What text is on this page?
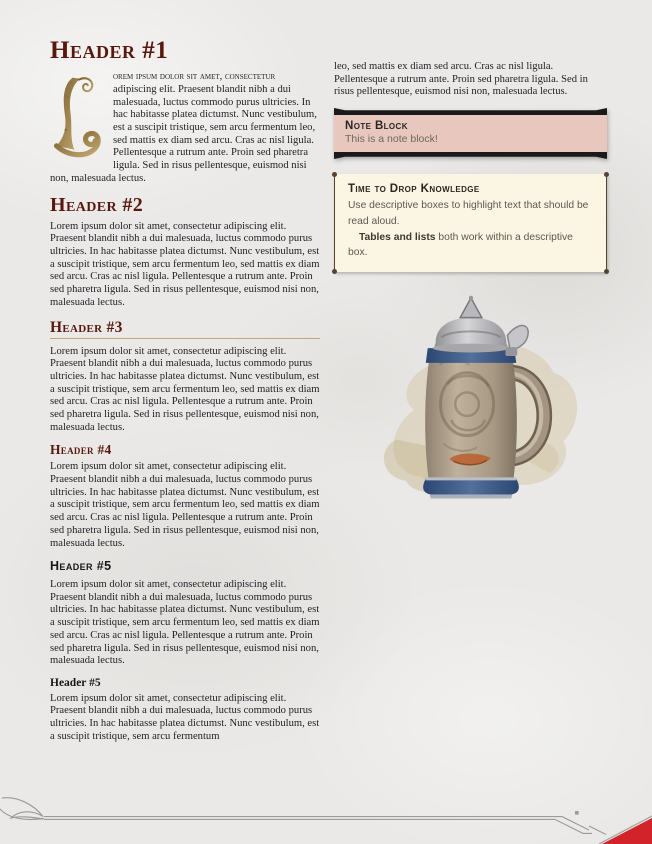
Header #1

orem ipsum dolor sit amet, consectetur adipiscing elit. Praesent blandit nibh a dui malesuada, luctus commodo purus ultricies. In hac habitasse platea dictumst. Nunc vestibulum, est a suscipit tristique, sem arcu fermentum leo, sed mattis ex diam sed arcu. Cras ac nisl ligula. Pellentesque a rutrum ante. Proin sed pharetra ligula. Sed in risus pellentesque, euismod nisi non, malesuada lectus.

Header #2

Lorem ipsum dolor sit amet, consectetur adipiscing elit. Praesent blandit nibh a dui malesuada, luctus commodo purus ultricies. In hac habitasse platea dictumst. Nunc vestibulum, est a suscipit tristique, sem arcu fermentum leo, sed mattis ex diam sed arcu. Cras ac nisl ligula. Pellentesque a rutrum ante. Proin sed pharetra ligula. Sed in risus pellentesque, euismod nisi non, malesuada lectus.

Header #3

Lorem ipsum dolor sit amet, consectetur adipiscing elit. Praesent blandit nibh a dui malesuada, luctus commodo purus ultricies. In hac habitasse platea dictumst. Nunc vestibulum, est a suscipit tristique, sem arcu fermentum leo, sed mattis ex diam sed arcu. Cras ac nisl ligula. Pellentesque a rutrum ante. Proin sed pharetra ligula. Sed in risus pellentesque, euismod nisi non, malesuada lectus.

Header #4

Lorem ipsum dolor sit amet, consectetur adipiscing elit. Praesent blandit nibh a dui malesuada, luctus commodo purus ultricies. In hac habitasse platea dictumst. Nunc vestibulum, est a suscipit tristique, sem arcu fermentum leo, sed mattis ex diam sed arcu. Cras ac nisl ligula. Pellentesque a rutrum ante. Proin sed pharetra ligula. Sed in risus pellentesque, euismod nisi non, malesuada lectus.

Header #5

Lorem ipsum dolor sit amet, consectetur adipiscing elit. Praesent blandit nibh a dui malesuada, luctus commodo purus ultricies. In hac habitasse platea dictumst. Nunc vestibulum, est a suscipit tristique, sem arcu fermentum leo, sed mattis ex diam sed arcu. Cras ac nisl ligula. Pellentesque a rutrum ante. Proin sed pharetra ligula. Sed in risus pellentesque, euismod nisi non, malesuada lectus.

Header #5

Lorem ipsum dolor sit amet, consectetur adipiscing elit. Praesent blandit nibh a dui malesuada, luctus commodo purus ultricies. In hac habitasse platea dictumst. Nunc vestibulum, est a suscipit tristique, sem arcu fermentum

leo, sed mattis ex diam sed arcu. Cras ac nisl ligula. Pellentesque a rutrum ante. Proin sed pharetra ligula. Sed in risus pellentesque, euismod nisi non, malesuada lectus.

Note Block
This is a note block!
Time to Drop Knowledge
Use descriptive boxes to highlight text that should be read aloud.
Tables and lists both work within a descriptive box.
